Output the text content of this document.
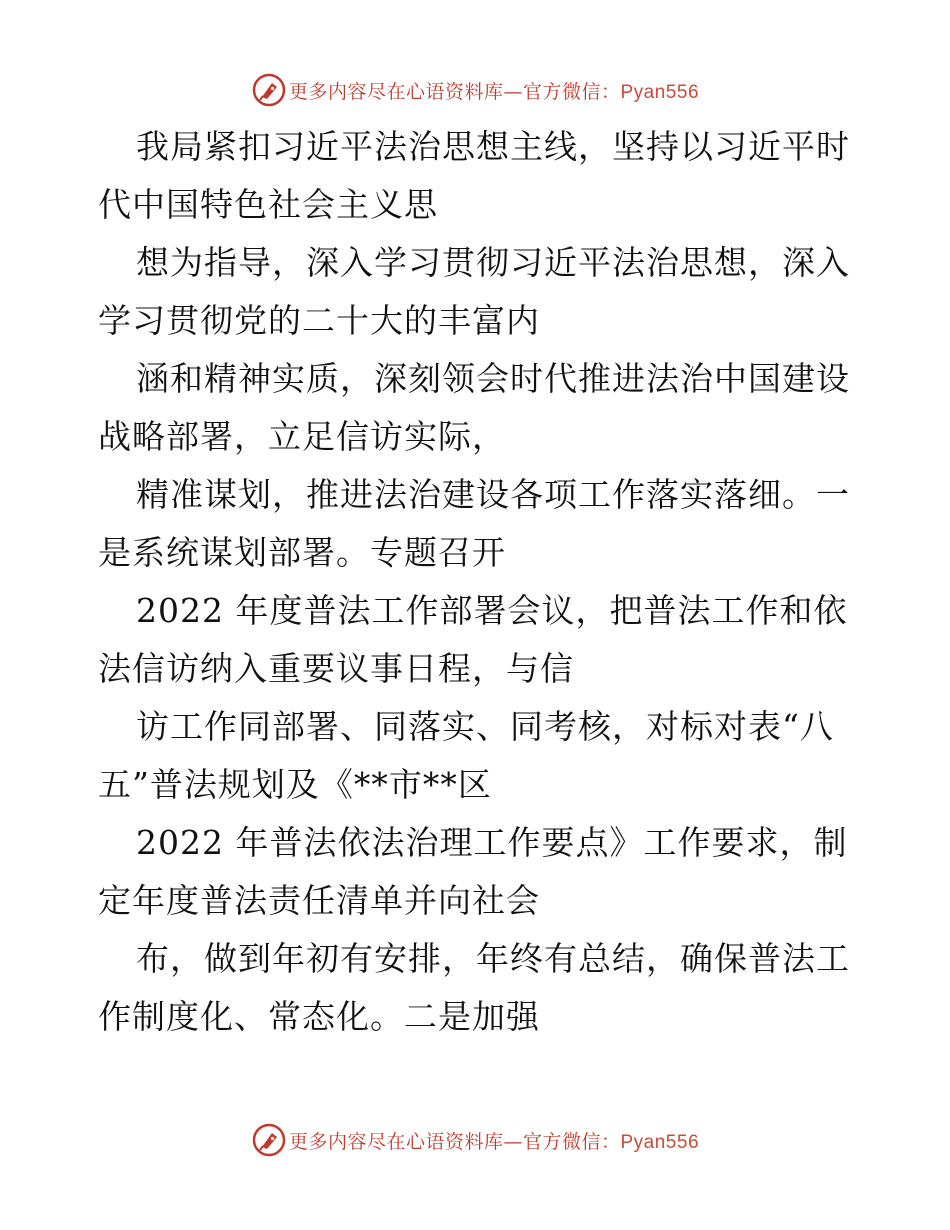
更多内容尽在心语资料库—官方微信：Pyan556

我局紧扣习近平法治思想主线，坚持以习近平时
代中国特色社会主义思

想为指导，深入学习贯彻习近平法治思想，深入
学习贯彻党的二十大的丰富内

涵和精神实质，深刻领会时代推进法治中国建设
战略部署，立足信访实际，

精准谋划，推进法治建设各项工作落实落细。一
是系统谋划部署。专题召开

2022 年度普法工作部署会议，把普法工作和依
法信访纳入重要议事日程，与信

访工作同部署、同落实、同考核，对标对表“八
五”普法规划及《**市**区

2022 年普法依法治理工作要点》工作要求，制
定年度普法责任清单并向社会

布，做到年初有安排，年终有总结，确保普法工
作制度化、常态化。二是加强

更多内容尽在心语资料库—官方微信：Pyan556
